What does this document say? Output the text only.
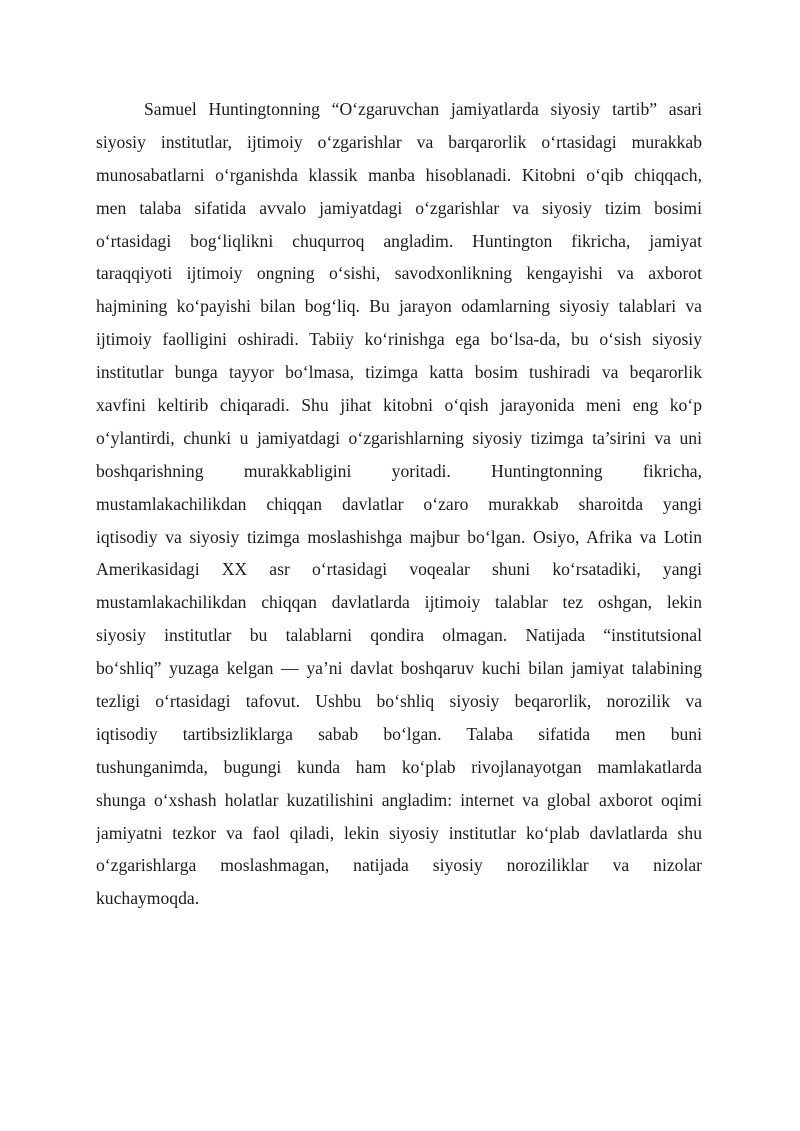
Samuel Huntingtonning “O‘zgaruvchan jamiyatlarda siyosiy tartib” asari
siyosiy institutlar, ijtimoiy o‘zgarishlar va barqarorlik o‘rtasidagi murakkab
munosabatlarni o‘rganishda klassik manba hisoblanadi. Kitobni o‘qib chiqqach,
men talaba sifatida avvalo jamiyatdagi o‘zgarishlar va siyosiy tizim bosimi
o‘rtasidagi bog‘liqlikni chuqurroq angladim. Huntington fikricha, jamiyat
taraqqiyoti ijtimoiy ongning o‘sishi, savodxonlikning kengayishi va axborot
hajmining ko‘payishi bilan bog‘liq. Bu jarayon odamlarning siyosiy talablari va
ijtimoiy faolligini oshiradi. Tabiiy ko‘rinishga ega bo‘lsa-da, bu o‘sish siyosiy
institutlar bunga tayyor bo‘lmasa, tizimga katta bosim tushiradi va beqarorlik
xavfini keltirib chiqaradi. Shu jihat kitobni o‘qish jarayonida meni eng ko‘p
o‘ylantirdi, chunki u jamiyatdagi o‘zgarishlarning siyosiy tizimga ta’sirini va uni
boshqarishning murakkabligini yoritadi. Huntingtonning fikricha,
mustamlakachilikdan chiqqan davlatlar o‘zaro murakkab sharoitda yangi
iqtisodiy va siyosiy tizimga moslashishga majbur bo‘lgan. Osiyo, Afrika va Lotin
Amerikasidagi XX asr o‘rtasidagi voqealar shuni ko‘rsatadiki, yangi
mustamlakachilikdan chiqqan davlatlarda ijtimoiy talablar tez oshgan, lekin
siyosiy institutlar bu talablarni qondira olmagan. Natijada “institutsional
bo‘shliq” yuzaga kelgan — ya’ni davlat boshqaruv kuchi bilan jamiyat talabining
tezligi o‘rtasidagi tafovut. Ushbu bo‘shliq siyosiy beqarorlik, norozilik va
iqtisodiy tartibsizliklarga sabab bo‘lgan. Talaba sifatida men buni
tushunganimda, bugungi kunda ham ko‘plab rivojlanayotgan mamlakatlarda
shunga o‘xshash holatlar kuzatilishini angladim: internet va global axborot oqimi
jamiyatni tezkor va faol qiladi, lekin siyosiy institutlar ko‘plab davlatlarda shu
o‘zgarishlarga moslashmagan, natijada siyosiy noroziliklar va nizolar
kuchaymoqda.
